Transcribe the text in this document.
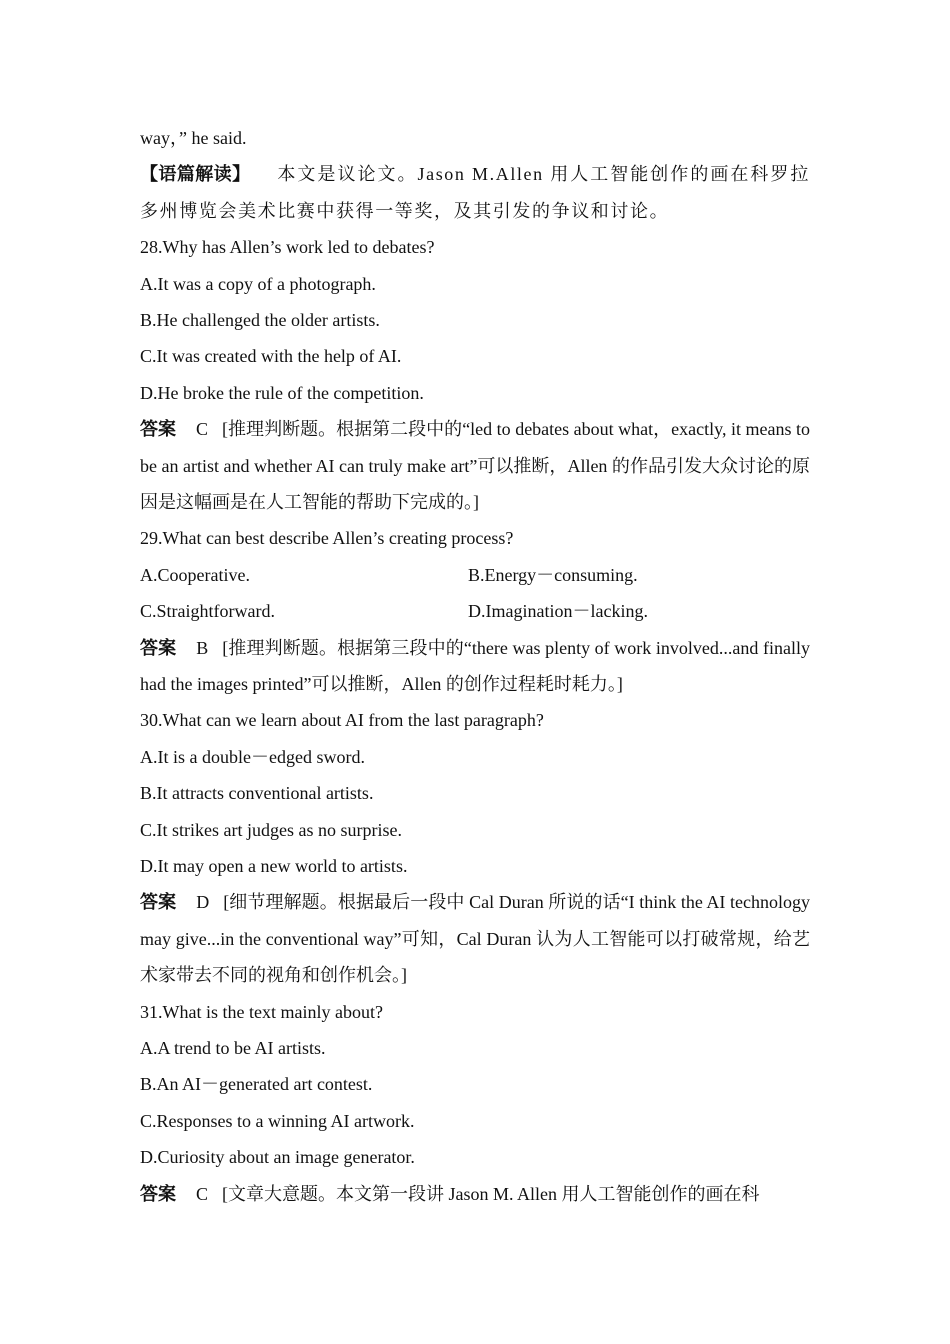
way，” he said.
【语篇解读】 本文是议论文。Jason M.Allen 用人工智能创作的画在科罗拉多州博览会美术比赛中获得一等奖，及其引发的争议和讨论。
28.Why has Allen’s work led to debates?
A.It was a copy of a photograph.
B.He challenged the older artists.
C.It was created with the help of AI.
D.He broke the rule of the competition.
答案 C [推理判断题。根据第二段中的“led to debates about what，exactly, it means to be an artist and whether AI can truly make art”可以推断，Allen 的作品引发大众讨论的原因是这幅画是在人工智能的帮助下完成的。]
29.What can best describe Allen’s creating process?
A.Cooperative.	B.Energy－consuming.
C.Straightforward.	D.Imagination－lacking.
答案 B [推理判断题。根据第三段中的“there was plenty of work involved...and finally had the images printed”可以推断，Allen 的创作过程耗时耗力。]
30.What can we learn about AI from the last paragraph?
A.It is a double－edged sword.
B.It attracts conventional artists.
C.It strikes art judges as no surprise.
D.It may open a new world to artists.
答案 D [细节理解题。根据最后一段中 Cal Duran 所说的话“I think the AI technology may give...in the conventional way”可知，Cal Duran 认为人工智能可以打破常规，给艺术家带去不同的视角和创作机会。]
31.What is the text mainly about?
A.A trend to be AI artists.
B.An AI－generated art contest.
C.Responses to a winning AI artwork.
D.Curiosity about an image generator.
答案 C [文章大意题。本文第一段讲 Jason M. Allen 用人工智能创作的画在科
